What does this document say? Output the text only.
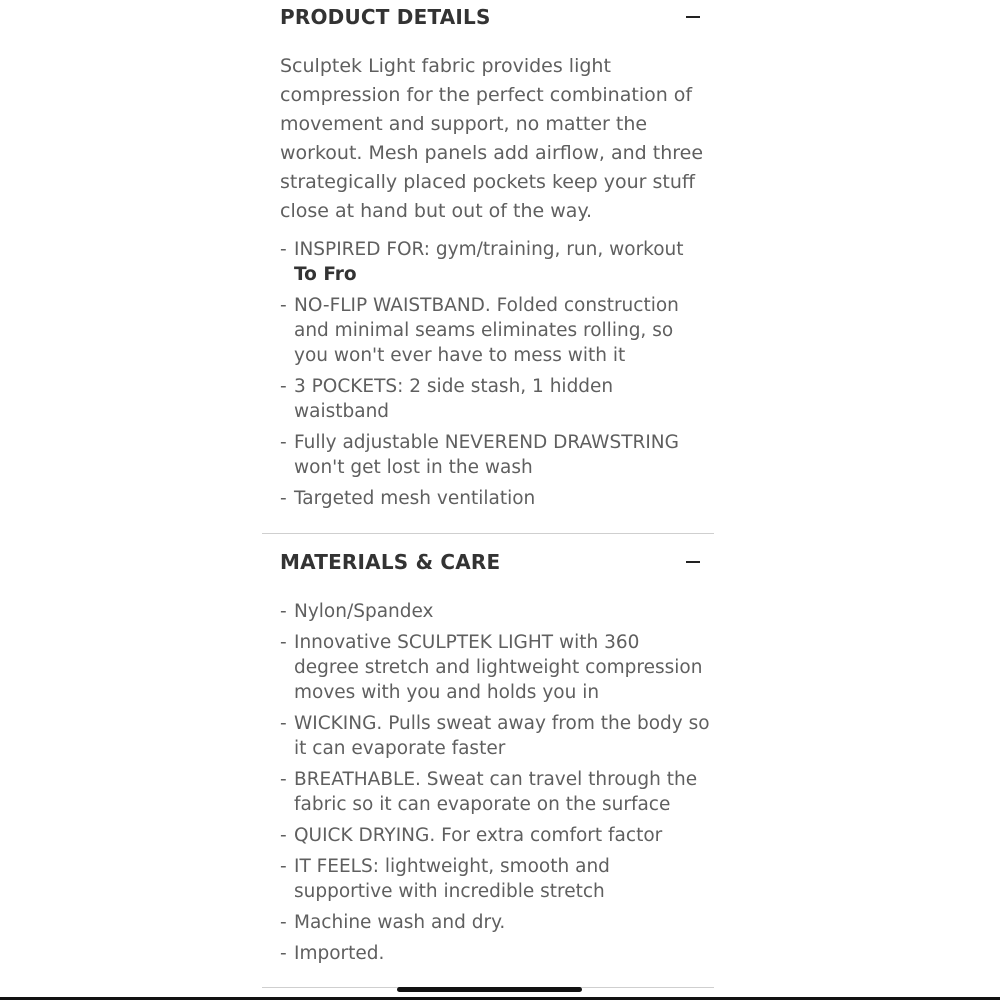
PRODUCT DETAILS

Sculptek Light fabric provides light compression for the perfect combination of movement and support, no matter the workout. Mesh panels add airflow, and three strategically placed pockets keep your stuff close at hand but out of the way.

- INSPIRED FOR: gym/training, run, workout
To Fro
- NO-FLIP WAISTBAND. Folded construction and minimal seams eliminates rolling, so you won't ever have to mess with it
- 3 POCKETS: 2 side stash, 1 hidden waistband
- Fully adjustable NEVEREND DRAWSTRING won't get lost in the wash
- Targeted mesh ventilation
MATERIALS & CARE
- Nylon/Spandex
- Innovative SCULPTEK LIGHT with 360 degree stretch and lightweight compression moves with you and holds you in
- WICKING. Pulls sweat away from the body so it can evaporate faster
- BREATHABLE. Sweat can travel through the fabric so it can evaporate on the surface
- QUICK DRYING. For extra comfort factor
- IT FEELS: lightweight, smooth and supportive with incredible stretch
- Machine wash and dry.
- Imported.
